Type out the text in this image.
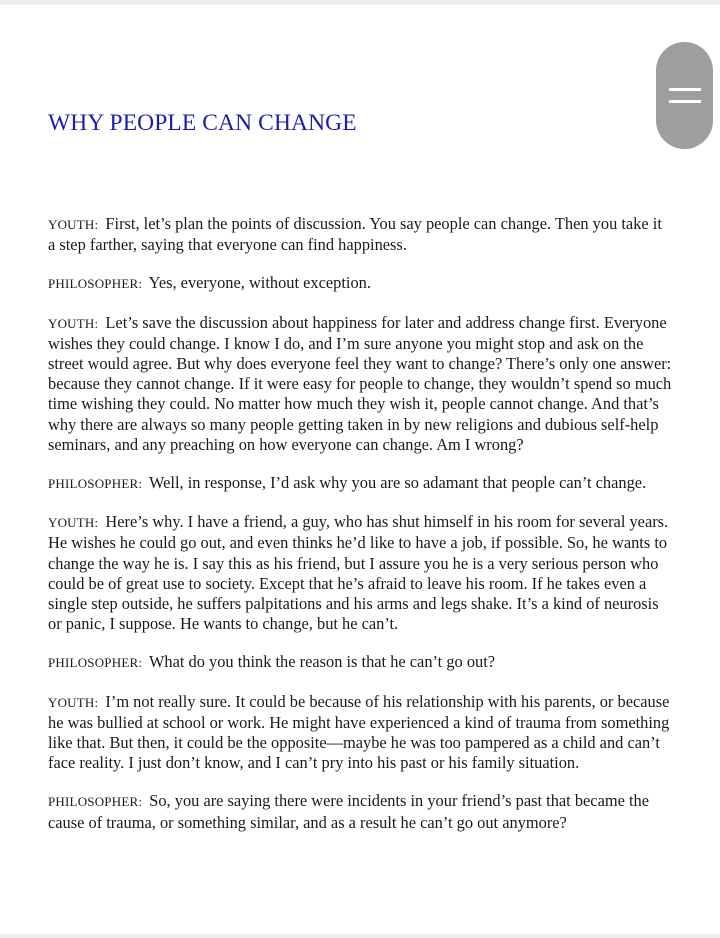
WHY PEOPLE CAN CHANGE

YOUTH: First, let’s plan the points of discussion. You say people can change. Then you take it a step farther, saying that everyone can find happiness.

PHILOSOPHER: Yes, everyone, without exception.

YOUTH: Let’s save the discussion about happiness for later and address change first. Everyone wishes they could change. I know I do, and I’m sure anyone you might stop and ask on the street would agree. But why does everyone feel they want to change? There’s only one answer: because they cannot change. If it were easy for people to change, they wouldn’t spend so much time wishing they could. No matter how much they wish it, people cannot change. And that’s why there are always so many people getting taken in by new religions and dubious self-help seminars, and any preaching on how everyone can change. Am I wrong?

PHILOSOPHER: Well, in response, I’d ask why you are so adamant that people can’t change.

YOUTH: Here’s why. I have a friend, a guy, who has shut himself in his room for several years. He wishes he could go out, and even thinks he’d like to have a job, if possible. So, he wants to change the way he is. I say this as his friend, but I assure you he is a very serious person who could be of great use to society. Except that he’s afraid to leave his room. If he takes even a single step outside, he suffers palpitations and his arms and legs shake. It’s a kind of neurosis or panic, I suppose. He wants to change, but he can’t.

PHILOSOPHER: What do you think the reason is that he can’t go out?

YOUTH: I’m not really sure. It could be because of his relationship with his parents, or because he was bullied at school or work. He might have experienced a kind of trauma from something like that. But then, it could be the opposite—maybe he was too pampered as a child and can’t face reality. I just don’t know, and I can’t pry into his past or his family situation.

PHILOSOPHER: So, you are saying there were incidents in your friend’s past that became the cause of trauma, or something similar, and as a result he can’t go out anymore?
